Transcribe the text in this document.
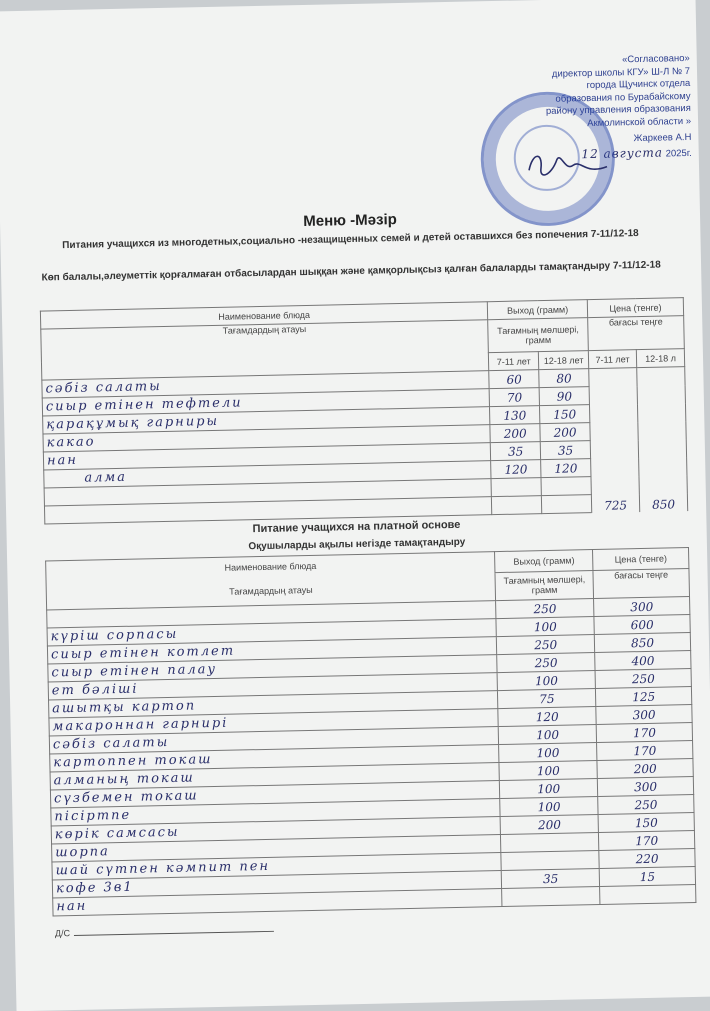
«Согласовано»
директор школы КГУ» Ш-Л № 7
города Щучинск отдела
образования по Бурабайскому
району управления образования
Акмолинской области »
Жаркеев А.Н
12 августа 2025г.
Меню -Мәзір
Питания учащихся из многодетных,социально -незащищенных семей и детей оставшихся без попечения 7-11/12-18
Көп балалы,әлеуметтік қорғалмаған отбасылардан шыққан және қамқорлықсыз қалған балаларды тамақтандыру 7-11/12-18
Наименование блюда	Выход (грамм)		Цена (тенге)	
Тағамдардың атауы	Тағамның мөлшері, грамм		бағасы теңге	
	7-11 лет	12-18 лет	7-11 лет	12-18 л
сәбіз салаты	60	80	725	850
сиыр етінен тефтели	70	90		
қарақұмық гарниры	130	150		
какао	200	200		
нан	35	35		
алма	120	120		

Питание учащихся на платной основе
Оқушыларды ақылы негізде тамақтандыру
Наименование блюда	Выход (грамм)	Цена (тенге)
Тағамдардың атауы	Тағамның мөлшері, грамм	бағасы теңге
	250	300
күріш сорпасы	100	600
сиыр етінен котлет	250	850
сиыр етінен палау	250	400
ет бәліші	100	250
ашытқы картоп	75	125
макароннан гарнирі	120	300
сәбіз салаты	100	170
картоппен токаш	100	170
алманың токаш	100	200
сүзбемен токаш	100	300
пісіртпе	100	250
көрік самсасы	200	150
шорпа		170
шай сүтпен кәмпит пен		220
кофе 3в1	35	15
нан		
Д/С
